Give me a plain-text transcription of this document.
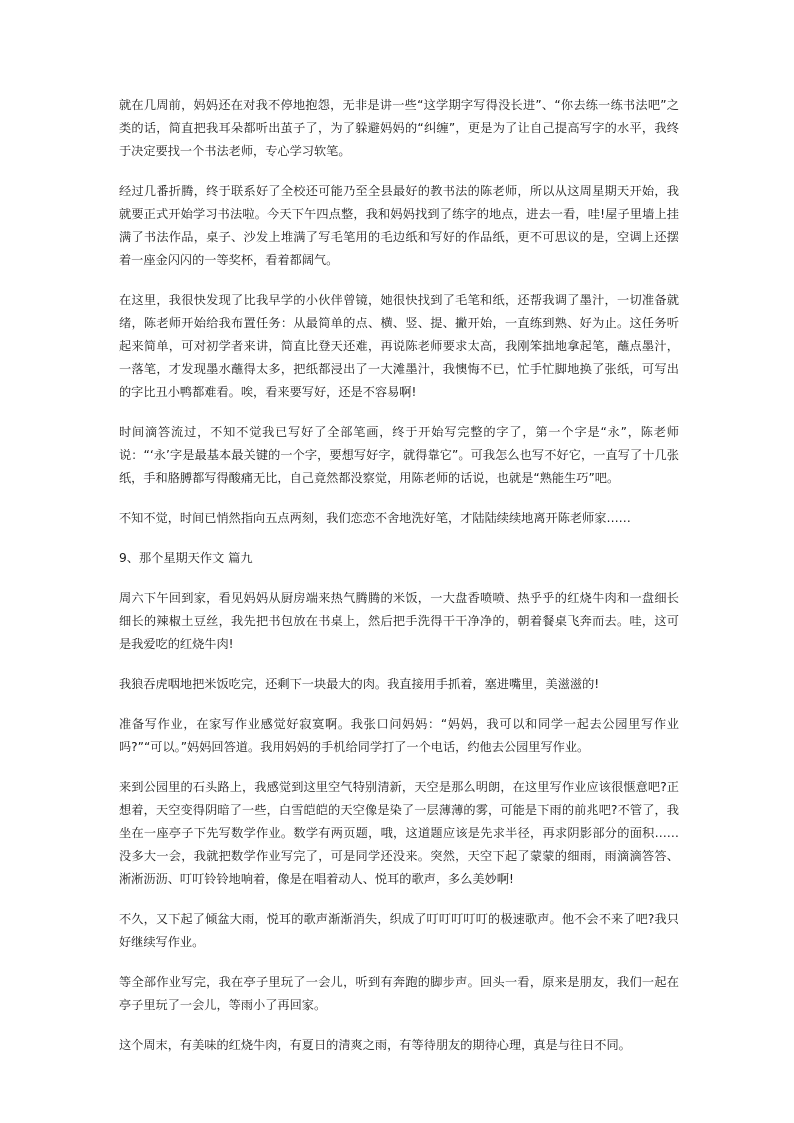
就在几周前，妈妈还在对我不停地抱怨，无非是讲一些“这学期字写得没长进”、“你去练一练书法吧”之类的话，简直把我耳朵都听出茧子了，为了躲避妈妈的“纠缠”，更是为了让自己提高写字的水平，我终于决定要找一个书法老师，专心学习软笔。

经过几番折腾，终于联系好了全校还可能乃至全县最好的教书法的陈老师，所以从这周星期天开始，我就要正式开始学习书法啦。今天下午四点整，我和妈妈找到了练字的地点，进去一看，哇!屋子里墙上挂满了书法作品，桌子、沙发上堆满了写毛笔用的毛边纸和写好的作品纸，更不可思议的是，空调上还摆着一座金闪闪的一等奖杯，看着都阔气。

在这里，我很快发现了比我早学的小伙伴曾镜，她很快找到了毛笔和纸，还帮我调了墨汁，一切准备就绪，陈老师开始给我布置任务：从最简单的点、横、竖、提、撇开始，一直练到熟、好为止。这任务听起来简单，可对初学者来讲，简直比登天还难，再说陈老师要求太高，我刚笨拙地拿起笔，蘸点墨汁，一落笔，才发现墨水蘸得太多，把纸都浸出了一大滩墨汁，我懊悔不已，忙手忙脚地换了张纸，可写出的字比丑小鸭都难看。唉，看来要写好，还是不容易啊!

时间滴答流过，不知不觉我已写好了全部笔画，终于开始写完整的字了，第一个字是“永”，陈老师说：“‘永’字是最基本最关键的一个字，要想写好字，就得靠它”。可我怎么也写不好它，一直写了十几张纸，手和胳膊都写得酸痛无比，自己竟然都没察觉，用陈老师的话说，也就是“熟能生巧”吧。

不知不觉，时间已悄然指向五点两刻，我们恋恋不舍地洗好笔，才陆陆续续地离开陈老师家……

9、那个星期天作文 篇九

周六下午回到家，看见妈妈从厨房端来热气腾腾的米饭，一大盘香喷喷、热乎乎的红烧牛肉和一盘细长细长的辣椒土豆丝，我先把书包放在书桌上，然后把手洗得干干净净的，朝着餐桌飞奔而去。哇，这可是我爱吃的红烧牛肉!

我狼吞虎咽地把米饭吃完，还剩下一块最大的肉。我直接用手抓着，塞进嘴里，美滋滋的!

准备写作业，在家写作业感觉好寂寞啊。我张口问妈妈：“妈妈，我可以和同学一起去公园里写作业吗?”“可以。”妈妈回答道。我用妈妈的手机给同学打了一个电话，约他去公园里写作业。

来到公园里的石头路上，我感觉到这里空气特别清新，天空是那么明朗，在这里写作业应该很惬意吧?正想着，天空变得阴暗了一些，白雪皑皑的天空像是染了一层薄薄的雾，可能是下雨的前兆吧?不管了，我坐在一座亭子下先写数学作业。数学有两页题，哦，这道题应该是先求半径，再求阴影部分的面积……没多大一会，我就把数学作业写完了，可是同学还没来。突然，天空下起了蒙蒙的细雨，雨滴滴答答、淅淅沥沥、叮叮铃铃地响着，像是在唱着动人、悦耳的歌声，多么美妙啊!

不久，又下起了倾盆大雨，悦耳的歌声渐渐消失，织成了叮叮叮叮叮的极速歌声。他不会不来了吧?我只好继续写作业。

等全部作业写完，我在亭子里玩了一会儿，听到有奔跑的脚步声。回头一看，原来是朋友，我们一起在亭子里玩了一会儿，等雨小了再回家。

这个周末，有美味的红烧牛肉，有夏日的清爽之雨，有等待朋友的期待心理，真是与往日不同。
